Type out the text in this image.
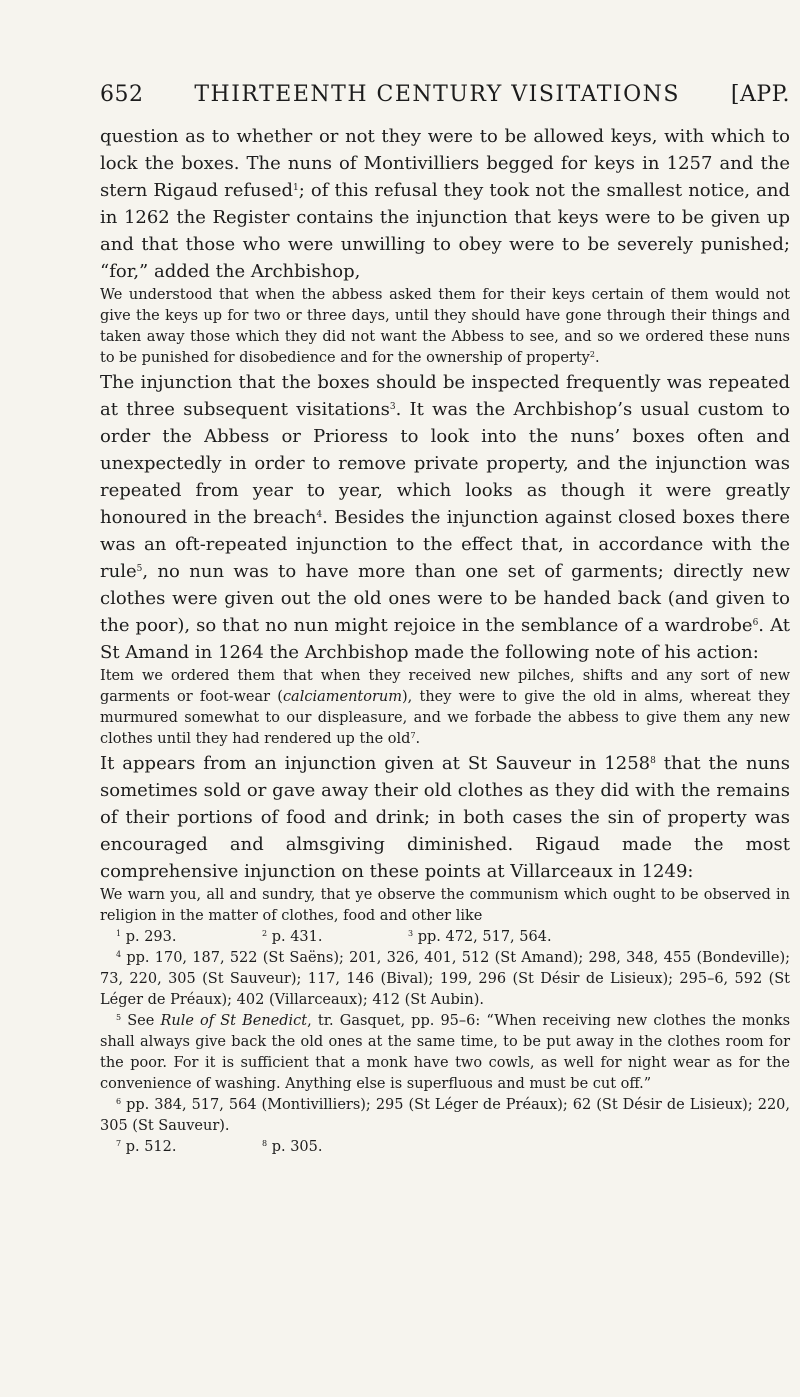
652 THIRTEENTH CENTURY VISITATIONS [APP.

question as to whether or not they were to be allowed keys, with which to lock the boxes. The nuns of Montivilliers begged for keys in 1257 and the stern Rigaud refused$^1$; of this refusal they took not the smallest notice, and in 1262 the Register contains the injunction that keys were to be given up and that those who were unwilling to obey were to be severely punished; “for,” added the Archbishop,

We understood that when the abbess asked them for their keys certain of them would not give the keys up for two or three days, until they should have gone through their things and taken away those which they did not want the Abbess to see, and so we ordered these nuns to be punished for disobedience and for the ownership of property$^2$.

The injunction that the boxes should be inspected frequently was repeated at three subsequent visitations$^3$. It was the Archbishop’s usual custom to order the Abbess or Prioress to look into the nuns’ boxes often and unexpectedly in order to remove private property, and the injunction was repeated from year to year, which looks as though it were greatly honoured in the breach$^4$. Besides the injunction against closed boxes there was an oft-repeated injunction to the effect that, in accordance with the rule$^5$, no nun was to have more than one set of garments; directly new clothes were given out the old ones were to be handed back (and given to the poor), so that no nun might rejoice in the semblance of a wardrobe$^6$. At St Amand in 1264 the Archbishop made the following note of his action:

Item we ordered them that when they received new pilches, shifts and any sort of new garments or foot-wear (calciamentorum), they were to give the old in alms, whereat they murmured somewhat to our displeasure, and we forbade the abbess to give them any new clothes until they had rendered up the old$^7$.

It appears from an injunction given at St Sauveur in 1258$^8$ that the nuns sometimes sold or gave away their old clothes as they did with the remains of their portions of food and drink; in both cases the sin of property was encouraged and almsgiving diminished. Rigaud made the most comprehensive injunction on these points at Villarceaux in 1249:

We warn you, all and sundry, that ye observe the communism which ought to be observed in religion in the matter of clothes, food and other like

$^1$ p. 293.	$^2$ p. 431.	$^3$ pp. 472, 517, 564.

$^4$ pp. 170, 187, 522 (St Saëns); 201, 326, 401, 512 (St Amand); 298, 348, 455 (Bondeville); 73, 220, 305 (St Sauveur); 117, 146 (Bival); 199, 296 (St Désir de Lisieux); 295–6, 592 (St Léger de Préaux); 402 (Villarceaux); 412 (St Aubin).

$^5$ See Rule of St Benedict, tr. Gasquet, pp. 95–6: “When receiving new clothes the monks shall always give back the old ones at the same time, to be put away in the clothes room for the poor. For it is sufficient that a monk have two cowls, as well for night wear as for the convenience of washing. Anything else is superfluous and must be cut off.”

$^6$ pp. 384, 517, 564 (Montivilliers); 295 (St Léger de Préaux); 62 (St Désir de Lisieux); 220, 305 (St Sauveur).

$^7$ p. 512.	$^8$ p. 305.
